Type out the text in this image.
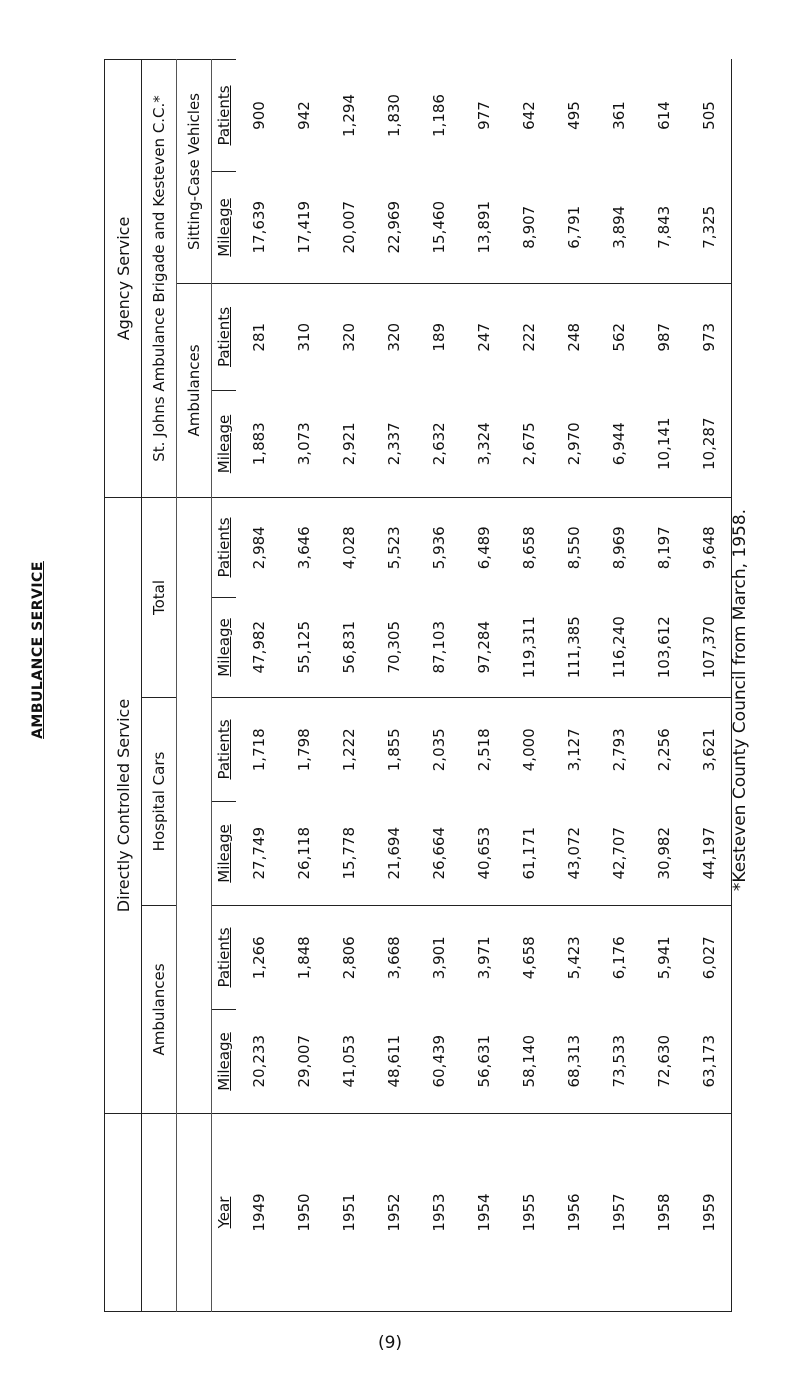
AMBULANCE SERVICE
	Directly Controlled Service						Agency Service			
	Ambulances		Hospital Cars		Total		St. Johns Ambulance Brigade and Kesteven C.C.*			
							Ambulances		Sitting-Case Vehicles	
Year	Mileage	Patients	Mileage	Patients	Mileage	Patients	Mileage	Patients	Mileage	Patients
1949	20,233	1,266	27,749	1,718	47,982	2,984	1,883	281	17,639	900
1950	29,007	1,848	26,118	1,798	55,125	3,646	3,073	310	17,419	942
1951	41,053	2,806	15,778	1,222	56,831	4,028	2,921	320	20,007	1,294
1952	48,611	3,668	21,694	1,855	70,305	5,523	2,337	320	22,969	1,830
1953	60,439	3,901	26,664	2,035	87,103	5,936	2,632	189	15,460	1,186
1954	56,631	3,971	40,653	2,518	97,284	6,489	3,324	247	13,891	977
1955	58,140	4,658	61,171	4,000	119,311	8,658	2,675	222	8,907	642
1956	68,313	5,423	43,072	3,127	111,385	8,550	2,970	248	6,791	495
1957	73,533	6,176	42,707	2,793	116,240	8,969	6,944	562	3,894	361
1958	72,630	5,941	30,982	2,256	103,612	8,197	10,141	987	7,843	614
1959	63,173	6,027	44,197	3,621	107,370	9,648	10,287	973	7,325	505
*Kesteven County Council from March, 1958.
(9)
